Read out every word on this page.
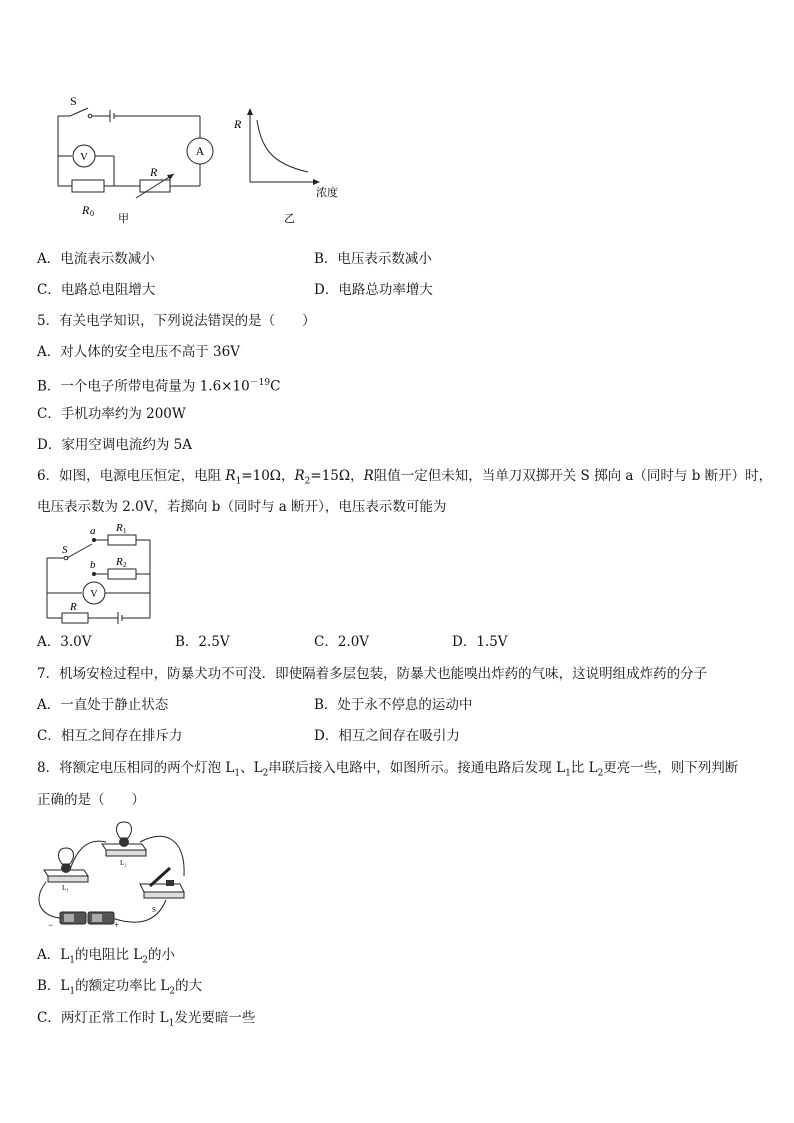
S
V	A
R
R 0 甲
R
浓度
乙
A．电流表示数减小	B．电压表示数减小
C．电路总电阻增大	D．电路总功率增大
5．有关电学知识，下列说法错误的是（　　）
A．对人体的安全电压不高于 36V
B．一个电子所带电荷量为 $1.6\times 10^{-19}C$
C．手机功率约为 200W
D．家用空调电流约为 5A
6．如图，电源电压恒定，电阻 $R_1=10\Omega$，$R_2=15\Omega$，R阻值一定但未知，当单刀双掷开关 S 掷向 a（同时与 b 断开）时，
电压表示数为 2.0V，若掷向 b（同时与 a 断开），电压表示数可能为
a
b
S
R 1
R 2
V
R
A．3.0V	B．2.5V	C．2.0V	D．1.5V
7．机场安检过程中，防暴犬功不可没．即使隔着多层包装，防暴犬也能嗅出炸药的气味，这说明组成炸药的分子
A．一直处于静止状态	B．处于永不停息的运动中
C．相互之间存在排斥力	D．相互之间存在吸引力
8．将额定电压相同的两个灯泡 $L_1$、$L_2$串联后接入电路中，如图所示。接通电路后发现 $L_1$比 $L_2$更亮一些，则下列判断
正确的是（　　）
L₁
L₂
S
−	+
A．$L_1$的电阻比 $L_2$的小
B．$L_1$的额定功率比 $L_2$的大
C．两灯正常工作时 $L_1$发光要暗一些
